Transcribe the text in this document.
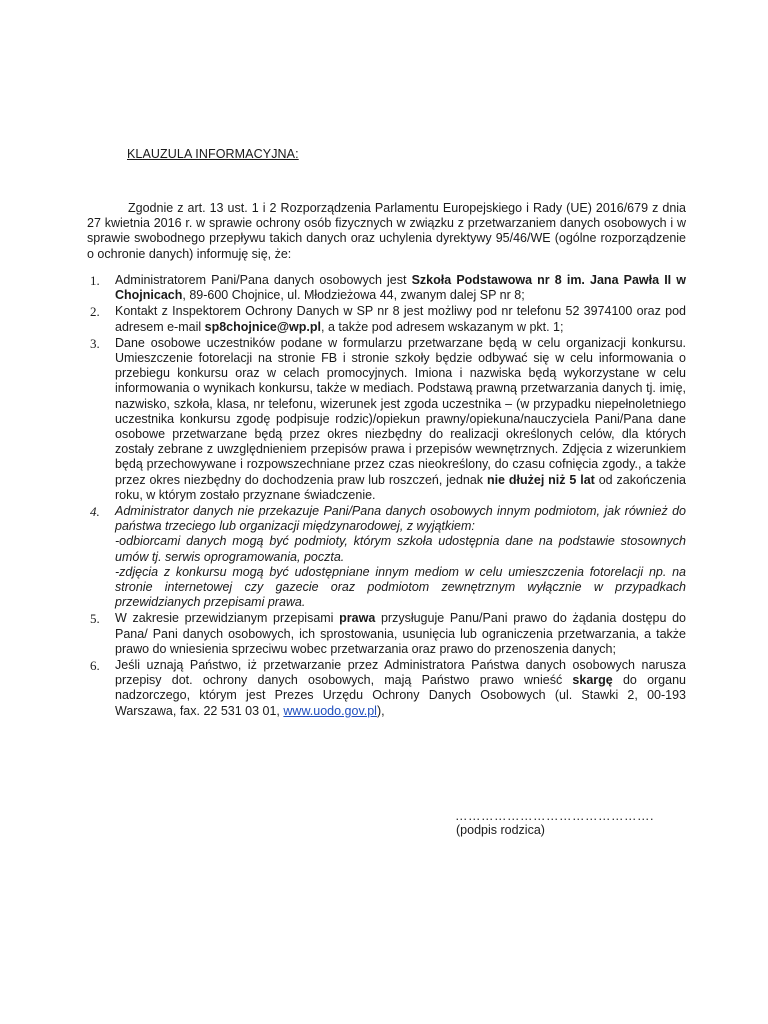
KLAUZULA INFORMACYJNA:

Zgodnie z art. 13 ust. 1 i 2 Rozporządzenia Parlamentu Europejskiego i Rady (UE) 2016/679 z dnia 27 kwietnia 2016 r. w sprawie ochrony osób fizycznych w związku z przetwarzaniem danych osobowych i w sprawie swobodnego przepływu takich danych oraz uchylenia dyrektywy 95/46/WE (ogólne rozporządzenie o ochronie danych) informuję się, że:

1. Administratorem Pani/Pana danych osobowych jest Szkoła Podstawowa nr 8 im. Jana Pawła II w Chojnicach, 89-600 Chojnice, ul. Młodzieżowa 44, zwanym dalej SP nr 8;
2. Kontakt z Inspektorem Ochrony Danych w SP nr 8 jest możliwy pod nr telefonu 52 3974100 oraz pod adresem e-mail sp8chojnice@wp.pl, a także pod adresem wskazanym w pkt. 1;
3. Dane osobowe uczestników podane w formularzu przetwarzane będą w celu organizacji konkursu. Umieszczenie fotorelacji na stronie FB i stronie szkoły będzie odbywać się w celu informowania o przebiegu konkursu oraz w celach promocyjnych. Imiona i nazwiska będą wykorzystane w celu informowania o wynikach konkursu, także w mediach. Podstawą prawną przetwarzania danych tj. imię, nazwisko, szkoła, klasa, nr telefonu, wizerunek jest zgoda uczestnika – (w przypadku niepełnoletniego uczestnika konkursu zgodę podpisuje rodzic)/opiekun prawny/opiekuna/nauczyciela Pani/Pana dane osobowe przetwarzane będą przez okres niezbędny do realizacji określonych celów, dla których zostały zebrane z uwzględnieniem przepisów prawa i przepisów wewnętrznych. Zdjęcia z wizerunkiem będą przechowywane i rozpowszechniane przez czas nieokreślony, do czasu cofnięcia zgody., a także przez okres niezbędny do dochodzenia praw lub roszczeń, jednak nie dłużej niż 5 lat od zakończenia roku, w którym zostało przyznane świadczenie.
4. Administrator danych nie przekazuje Pani/Pana danych osobowych innym podmiotom, jak również do państwa trzeciego lub organizacji międzynarodowej, z wyjątkiem:
-odbiorcami danych mogą być podmioty, którym szkoła udostępnia dane na podstawie stosownych umów tj. serwis oprogramowania, poczta.
-zdjęcia z konkursu mogą być udostępniane innym mediom w celu umieszczenia fotorelacji np. na stronie internetowej czy gazecie oraz podmiotom zewnętrznym wyłącznie w przypadkach przewidzianych przepisami prawa.
5. W zakresie przewidzianym przepisami prawa przysługuje Panu/Pani prawo do żądania dostępu do Pana/ Pani danych osobowych, ich sprostowania, usunięcia lub ograniczenia przetwarzania, a także prawo do wniesienia sprzeciwu wobec przetwarzania oraz prawo do przenoszenia danych;
6. Jeśli uznają Państwo, iż przetwarzanie przez Administratora Państwa danych osobowych narusza przepisy dot. ochrony danych osobowych, mają Państwo prawo wnieść skargę do organu nadzorczego, którym jest Prezes Urzędu Ochrony Danych Osobowych (ul. Stawki 2, 00-193 Warszawa, fax. 22 531 03 01, www.uodo.gov.pl),
……………………………………….
(podpis rodzica)
